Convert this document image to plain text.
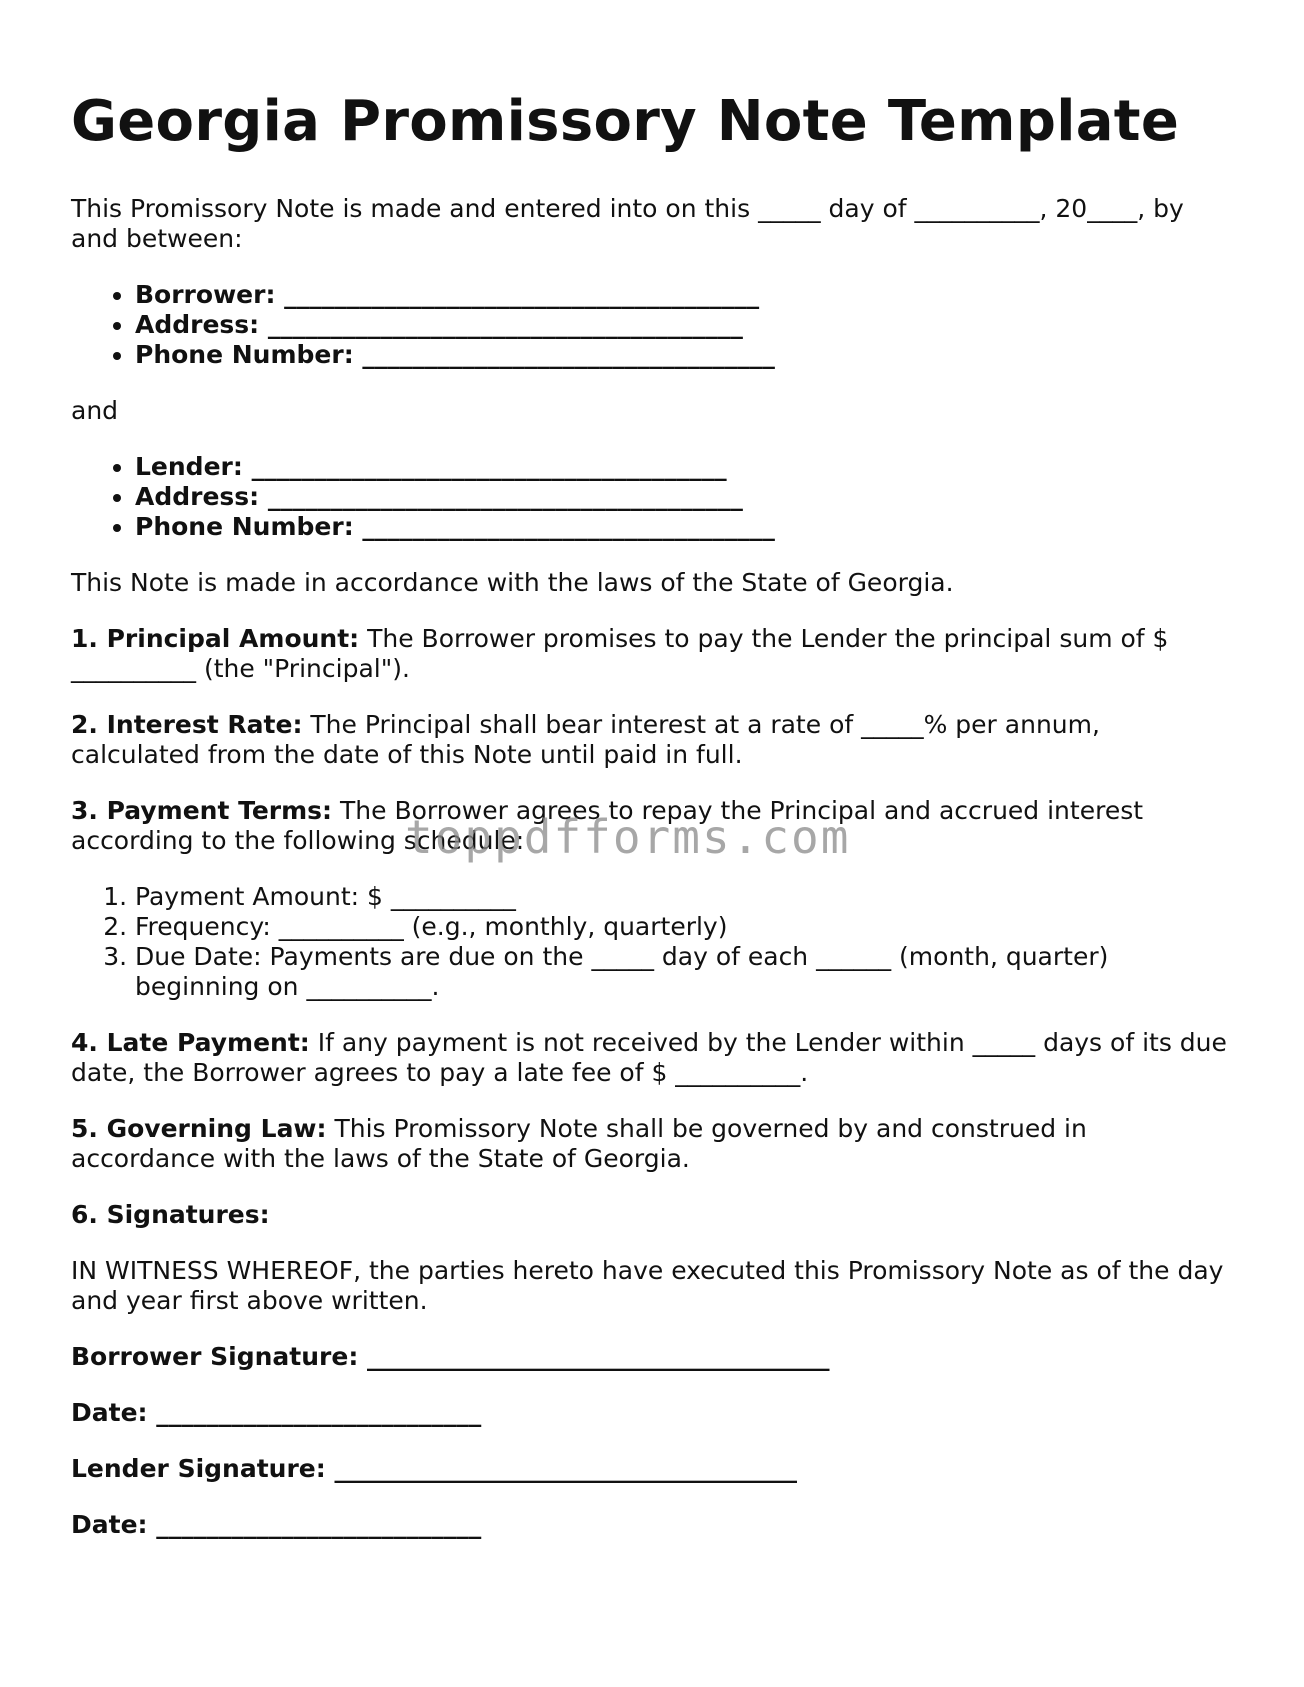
Georgia Promissory Note Template

This Promissory Note is made and entered into on this _____ day of __________, 20____, by and between:

• Borrower: ______________________________________
• Address: ______________________________________
• Phone Number: _________________________________

and

• Lender: ______________________________________
• Address: ______________________________________
• Phone Number: _________________________________

This Note is made in accordance with the laws of the State of Georgia.

1. Principal Amount: The Borrower promises to pay the Lender the principal sum of $ __________ (the "Principal").

2. Interest Rate: The Principal shall bear interest at a rate of _____% per annum, calculated from the date of this Note until paid in full.

3. Payment Terms: The Borrower agrees to repay the Principal and accrued interest according to the following schedule:

1. Payment Amount: $ __________
2. Frequency: __________ (e.g., monthly, quarterly)
3. Due Date: Payments are due on the _____ day of each ______ (month, quarter) beginning on __________.

4. Late Payment: If any payment is not received by the Lender within _____ days of its due date, the Borrower agrees to pay a late fee of $ __________.

5. Governing Law: This Promissory Note shall be governed by and construed in accordance with the laws of the State of Georgia.

6. Signatures:

IN WITNESS WHEREOF, the parties hereto have executed this Promissory Note as of the day and year first above written.

Borrower Signature: _____________________________________
Date: __________________________
Lender Signature: _____________________________________
Date: __________________________
toppdfforms.com
